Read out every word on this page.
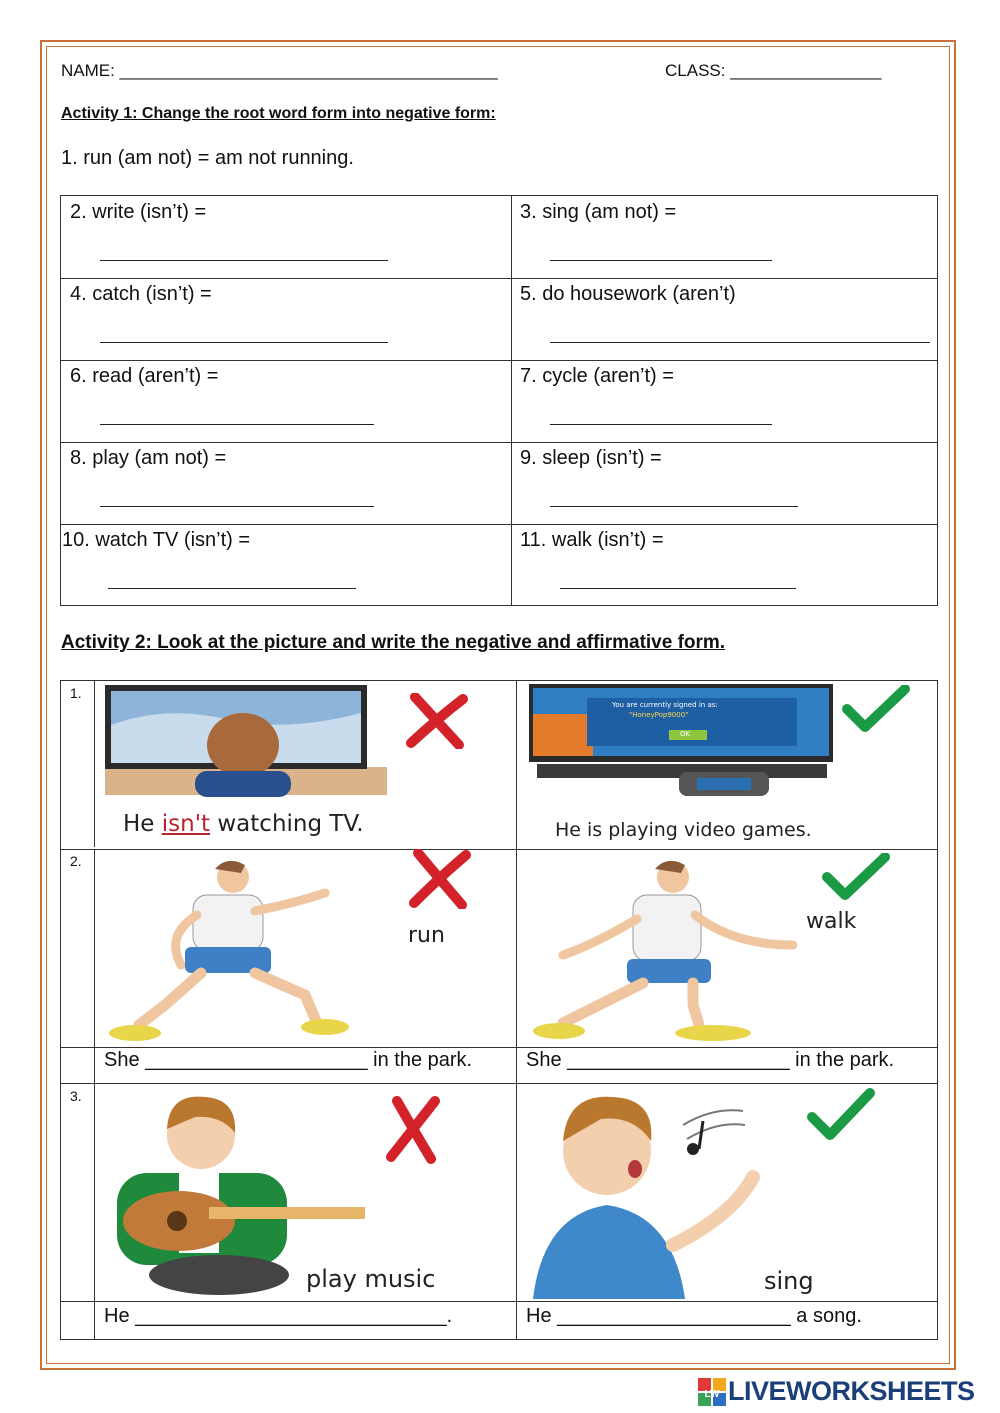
NAME: ________________________________________	CLASS: ________________
Activity 1: Change the root word form into negative form:
1. run (am not) = am not running.
2. write (isn’t) =	3. sing (am not) =
4. catch (isn’t) =	5. do housework (aren’t)
6. read (aren’t) =	7. cycle (aren’t) =
8. play (am not) =	9. sleep (isn’t) =
10. watch TV (isn’t) =	11. walk (isn’t) =
Activity 2: Look at the picture and write the negative and affirmative form.
1.
2.
3.
He isn't watching TV.
You are currently signed in as:
"HoneyPop9000"
OK
He is playing video games.
run
walk
She ____________________ in the park.	She ____________________ in the park.
play music	sing
He ____________________________.	He _____________________ a song.
LW LIVEWORKSHEETS
